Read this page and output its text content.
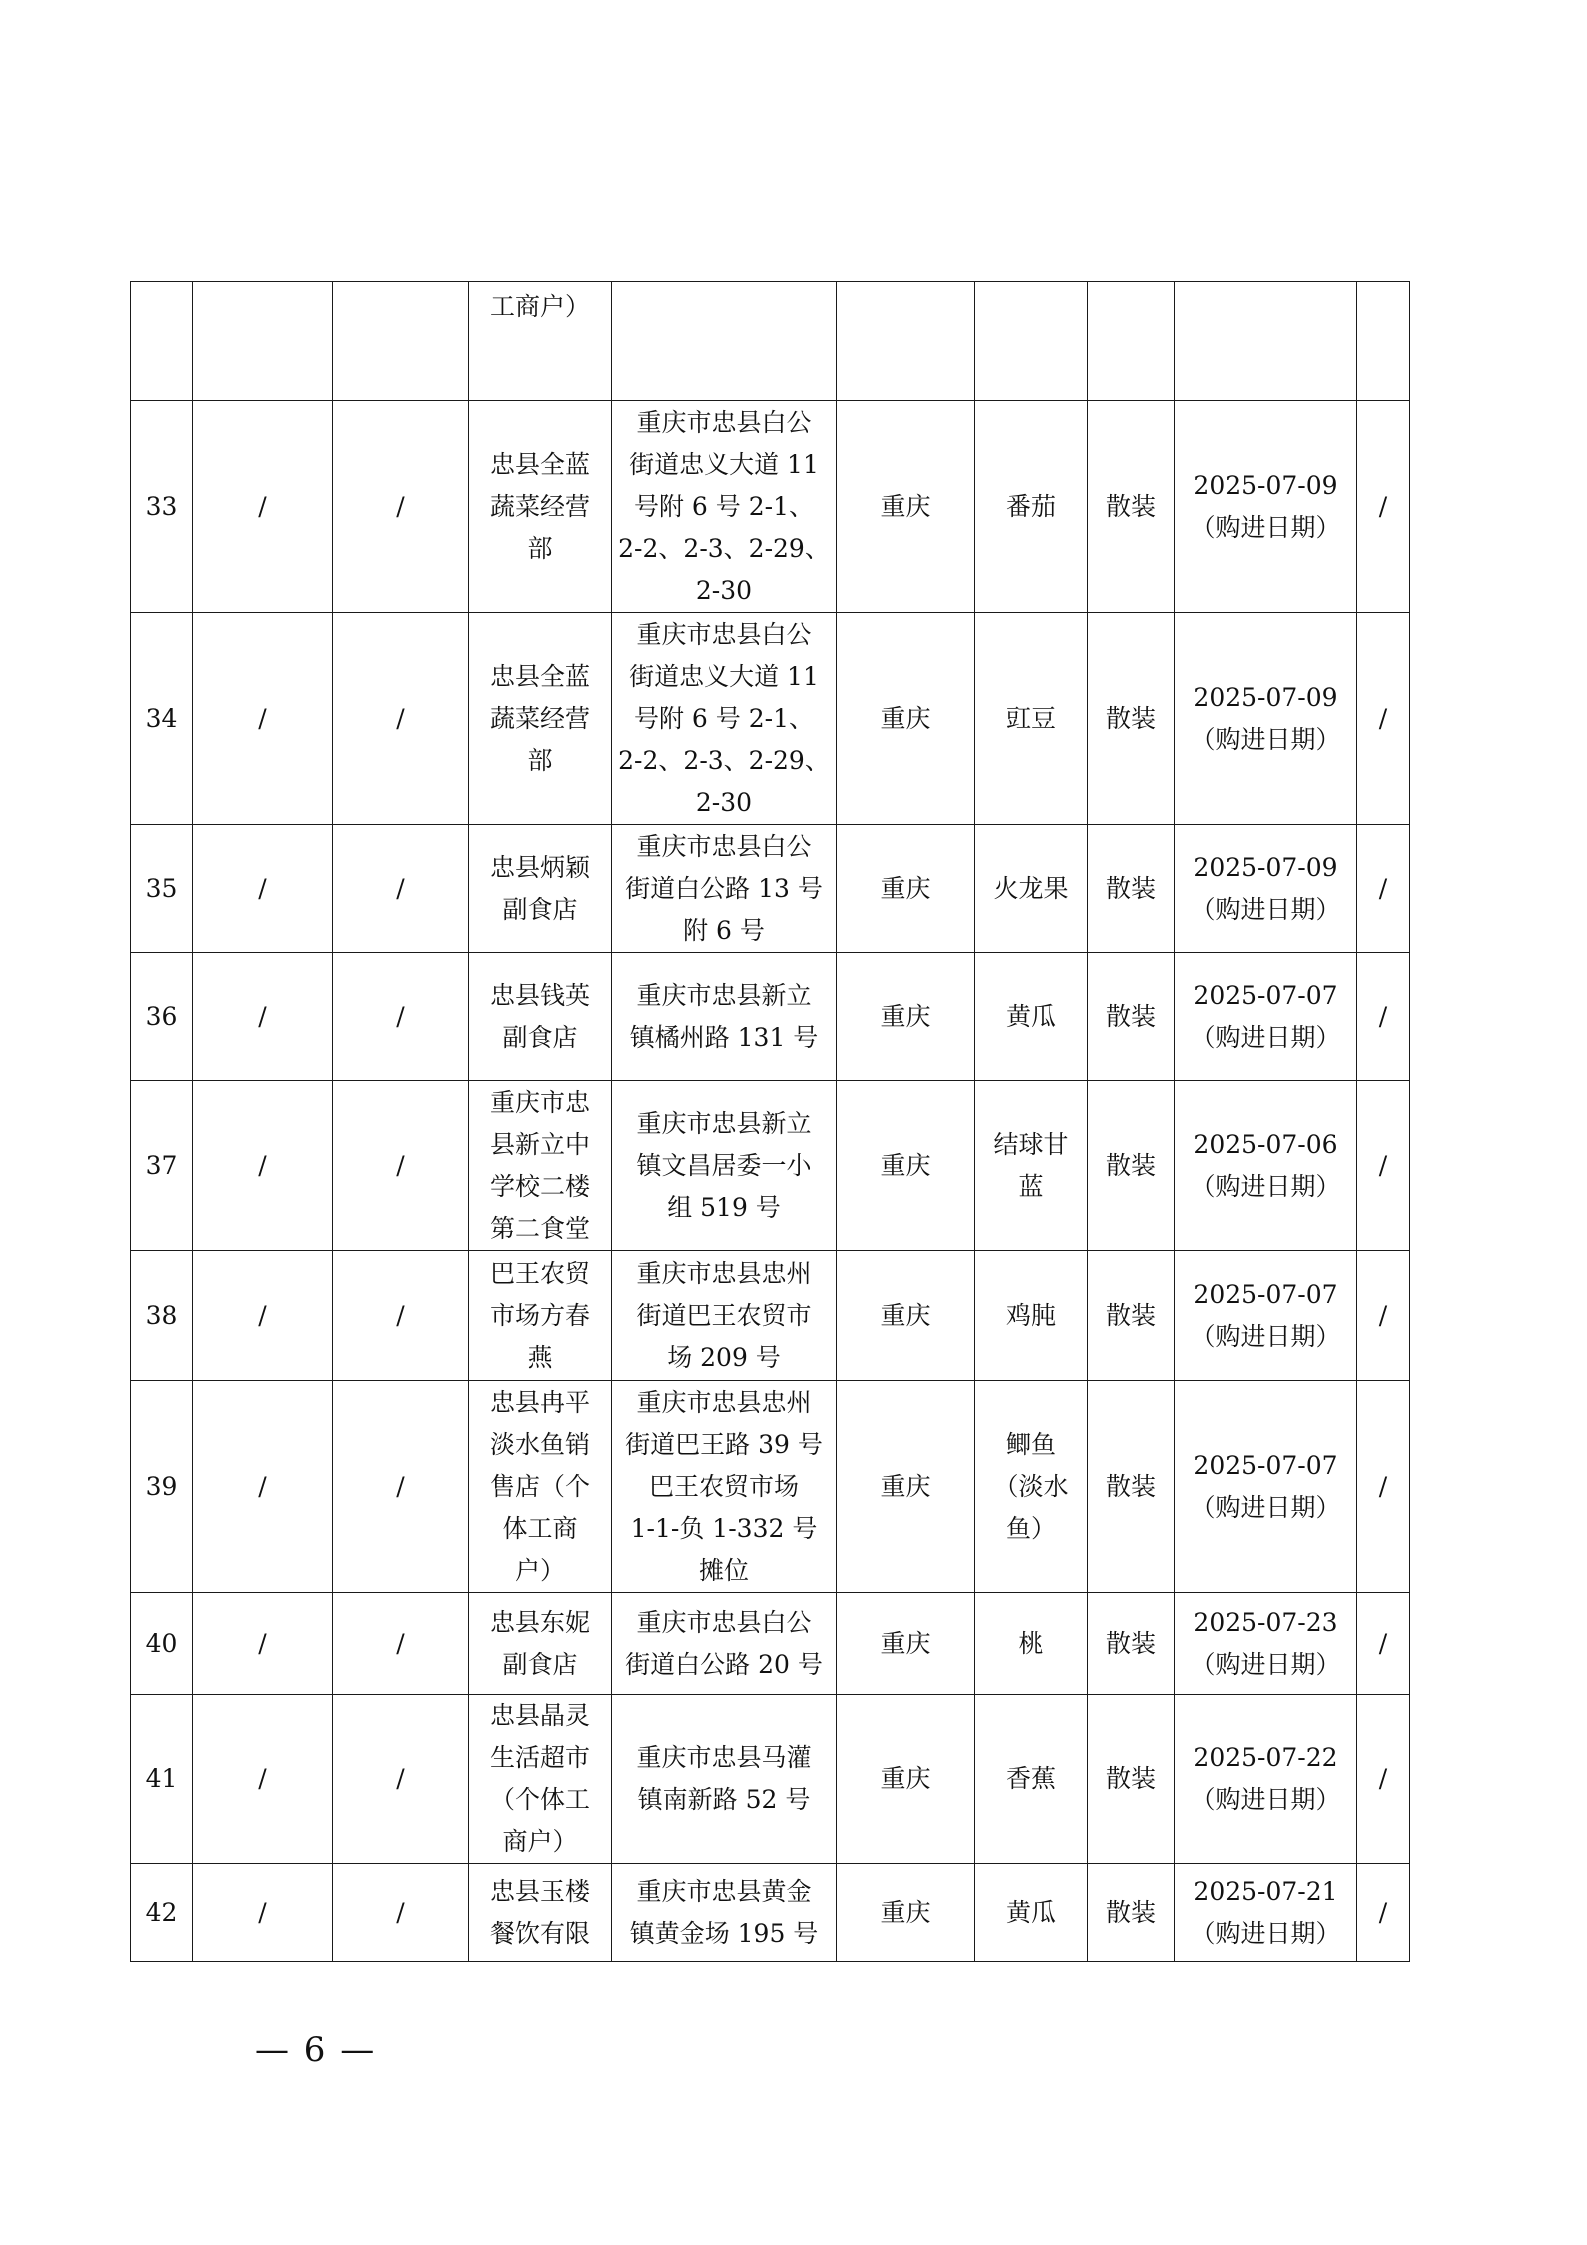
			工商户）						
33	/	/	忠县全蓝
蔬菜经营
部	重庆市忠县白公
街道忠义大道 11
号附 6 号 2-1、
2-2、2-3、2-29、
2-30	重庆	番茄	散装	2025-07-09
（购进日期）	/
34	/	/	忠县全蓝
蔬菜经营
部	重庆市忠县白公
街道忠义大道 11
号附 6 号 2-1、
2-2、2-3、2-29、
2-30	重庆	豇豆	散装	2025-07-09
（购进日期）	/
35	/	/	忠县炳颖
副食店	重庆市忠县白公
街道白公路 13 号
附 6 号	重庆	火龙果	散装	2025-07-09
（购进日期）	/
36	/	/	忠县钱英
副食店	重庆市忠县新立
镇橘州路 131 号	重庆	黄瓜	散装	2025-07-07
（购进日期）	/
37	/	/	重庆市忠
县新立中
学校二楼
第二食堂	重庆市忠县新立
镇文昌居委一小
组 519 号	重庆	结球甘
蓝	散装	2025-07-06
（购进日期）	/
38	/	/	巴王农贸
市场方春
燕	重庆市忠县忠州
街道巴王农贸市
场 209 号	重庆	鸡肫	散装	2025-07-07
（购进日期）	/
39	/	/	忠县冉平
淡水鱼销
售店（个
体工商
户）	重庆市忠县忠州
街道巴王路 39 号
巴王农贸市场
1-1-负 1-332 号
摊位	重庆	鲫鱼
（淡水
鱼）	散装	2025-07-07
（购进日期）	/
40	/	/	忠县东妮
副食店	重庆市忠县白公
街道白公路 20 号	重庆	桃	散装	2025-07-23
（购进日期）	/
41	/	/	忠县晶灵
生活超市
（个体工
商户）	重庆市忠县马灌
镇南新路 52 号	重庆	香蕉	散装	2025-07-22
（购进日期）	/
42	/	/	忠县玉楼
餐饮有限	重庆市忠县黄金
镇黄金场 195 号	重庆	黄瓜	散装	2025-07-21
（购进日期）	/
— 6 —
